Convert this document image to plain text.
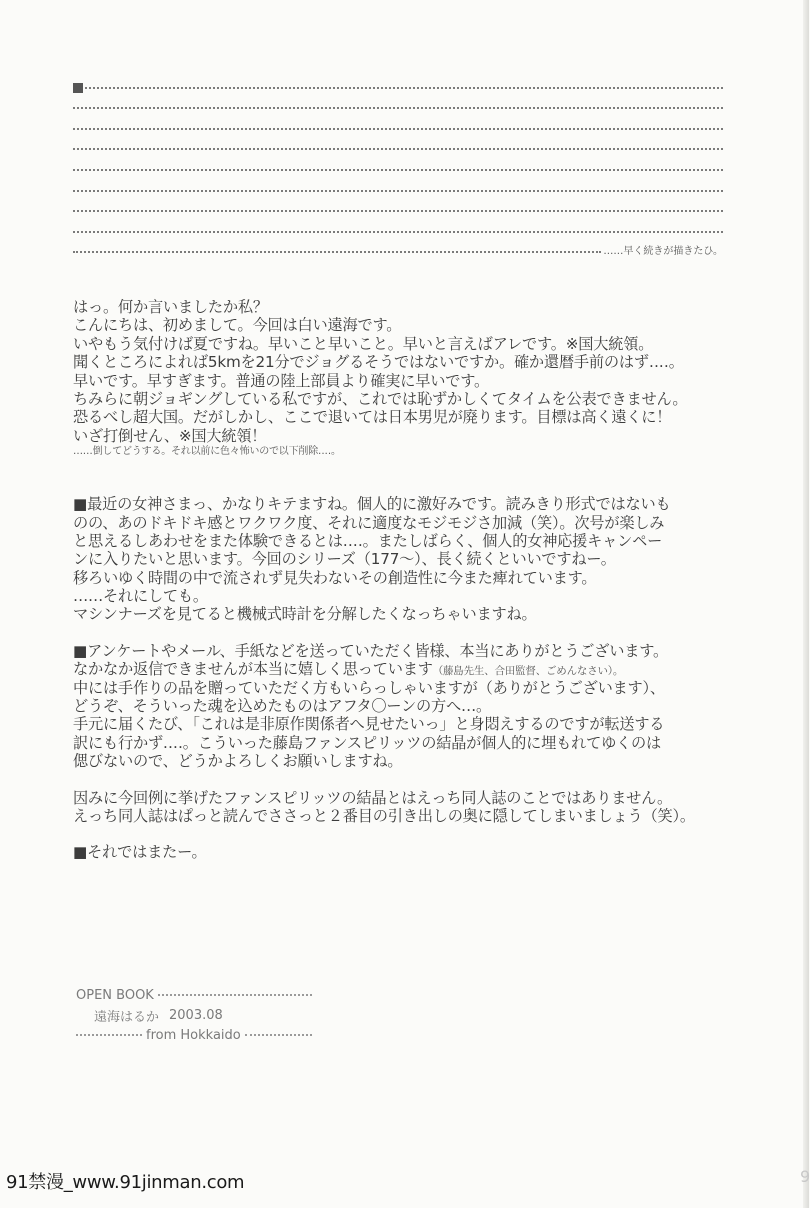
……早く続きが描きたひ。
はっ。何か言いましたか私？
こんにちは、初めまして。今回は白い遠海です。
いやもう気付けば夏ですね。早いこと早いこと。早いと言えばアレです。※国大統領。
聞くところによれば5kmを21分でジョグるそうではないですか。確か還暦手前のはず‥‥。
早いです。早すぎます。普通の陸上部員より確実に早いです。
ちみらに朝ジョギングしている私ですが、これでは恥ずかしくてタイムを公表できません。
恐るべし超大国。だがしかし、ここで退いては日本男児が廃ります。目標は高く遠くに！
いざ打倒せん、※国大統領！
……倒してどうする。それ以前に色々怖いので以下削除‥‥。
■最近の女神さまっ、かなりキテますね。個人的に激好みです。読みきり形式ではないも
のの、あのドキドキ感とワクワク度、それに適度なモジモジさ加減（笑）。次号が楽しみ
と思えるしあわせをまた体験できるとは‥‥。またしばらく、個人的女神応援キャンペー
ンに入りたいと思います。今回のシリーズ（177～）、長く続くといいですねー。
移ろいゆく時間の中で流されず見失わないその創造性に今また痺れています。
……それにしても。
マシンナーズを見てると機械式時計を分解したくなっちゃいますね。
■アンケートやメール、手紙などを送っていただく皆様、本当にありがとうございます。
なかなか返信できませんが本当に嬉しく思っています（藤島先生、合田監督、ごめんなさい）。
中には手作りの品を贈っていただく方もいらっしゃいますが（ありがとうございます）、
どうぞ、そういった魂を込めたものはアフタ〇ーンの方へ…。
手元に届くたび、「これは是非原作関係者へ見せたいっ」と身悶えするのですが転送する
訳にも行かず‥‥。こういった藤島ファンスピリッツの結晶が個人的に埋もれてゆくのは
偲びないので、どうかよろしくお願いしますね。
因みに今回例に挙げたファンスピリッツの結晶とはえっち同人誌のことではありません。
えっち同人誌はぱっと読んでささっと２番目の引き出しの奥に隠してしまいましょう（笑）。
■それではまたー。
OPEN BOOK
遠海はるか 2003.08
from Hokkaido
91禁漫_www.91jinman.com	9
